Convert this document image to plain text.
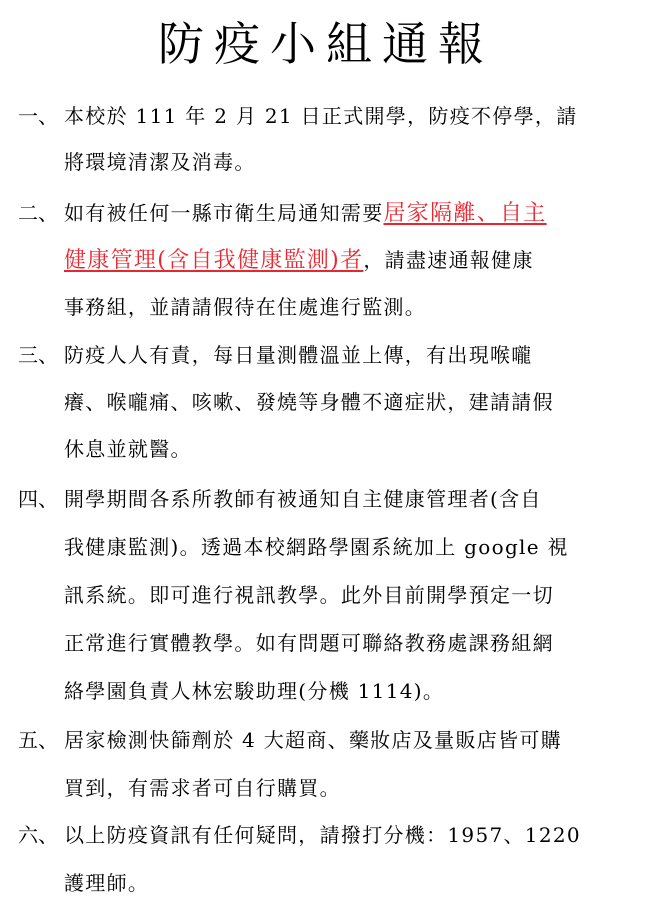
防疫小組通報
一、 本校於 111 年 2 月 21 日正式開學，防疫不停學，請
將環境清潔及消毒。
二、 如有被任何一縣市衛生局通知需要居家隔離、自主
健康管理(含自我健康監測)者，請盡速通報健康
事務組，並請請假待在住處進行監測。
三、 防疫人人有責，每日量測體溫並上傳，有出現喉嚨
癢、喉嚨痛、咳嗽、發燒等身體不適症狀，建請請假
休息並就醫。
四、 開學期間各系所教師有被通知自主健康管理者(含自
我健康監測)。透過本校網路學園系統加上 google 視
訊系統。即可進行視訊教學。此外目前開學預定一切
正常進行實體教學。如有問題可聯絡教務處課務組網
絡學園負責人林宏駿助理(分機 1114)。
五、 居家檢測快篩劑於 4 大超商、藥妝店及量販店皆可購
買到，有需求者可自行購買。
六、 以上防疫資訊有任何疑問，請撥打分機：1957、1220
護理師。
